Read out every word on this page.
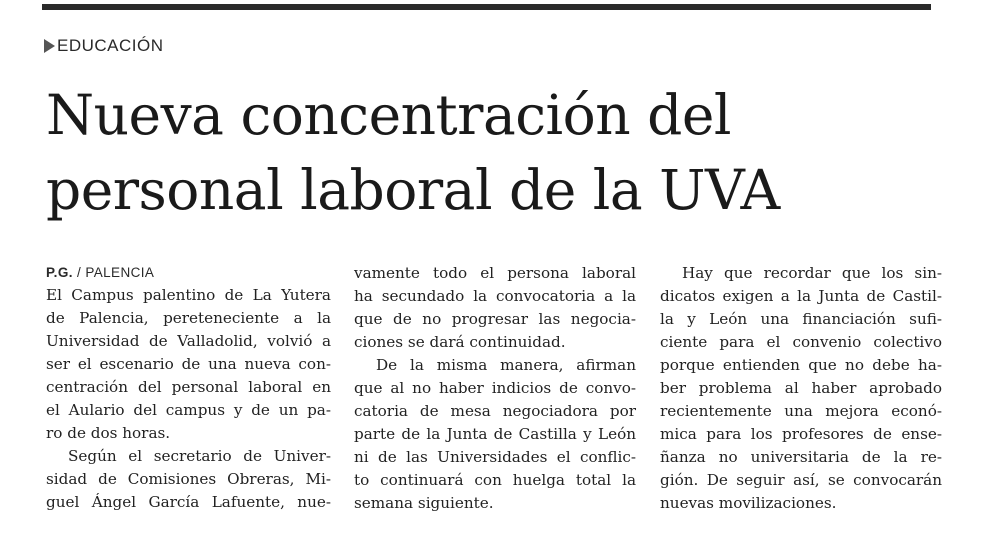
EDUCACIÓN
Nueva concentración del
personal laboral de la UVA
P.G. / PALENCIA
El Campus palentino de La Yutera
de Palencia, pereteneciente a la
Universidad de Valladolid, volvió a
ser el escenario de una nueva con-
centración del personal laboral en
el Aulario del campus y de un pa-
ro de dos horas.
Según el secretario de Univer-
sidad de Comisiones Obreras, Mi-
guel Ángel García Lafuente, nue-
vamente todo el persona laboral
ha secundado la convocatoria a la
que de no progresar las negocia-
ciones se dará continuidad.
De la misma manera, afirman
que al no haber indicios de convo-
catoria de mesa negociadora por
parte de la Junta de Castilla y León
ni de las Universidades el conflic-
to continuará con huelga total la
semana siguiente.
Hay que recordar que los sin-
dicatos exigen a la Junta de Castil-
la y León una financiación sufi-
ciente para el convenio colectivo
porque entienden que no debe ha-
ber problema al haber aprobado
recientemente una mejora econó-
mica para los profesores de ense-
ñanza no universitaria de la re-
gión. De seguir así, se convocarán
nuevas movilizaciones.
